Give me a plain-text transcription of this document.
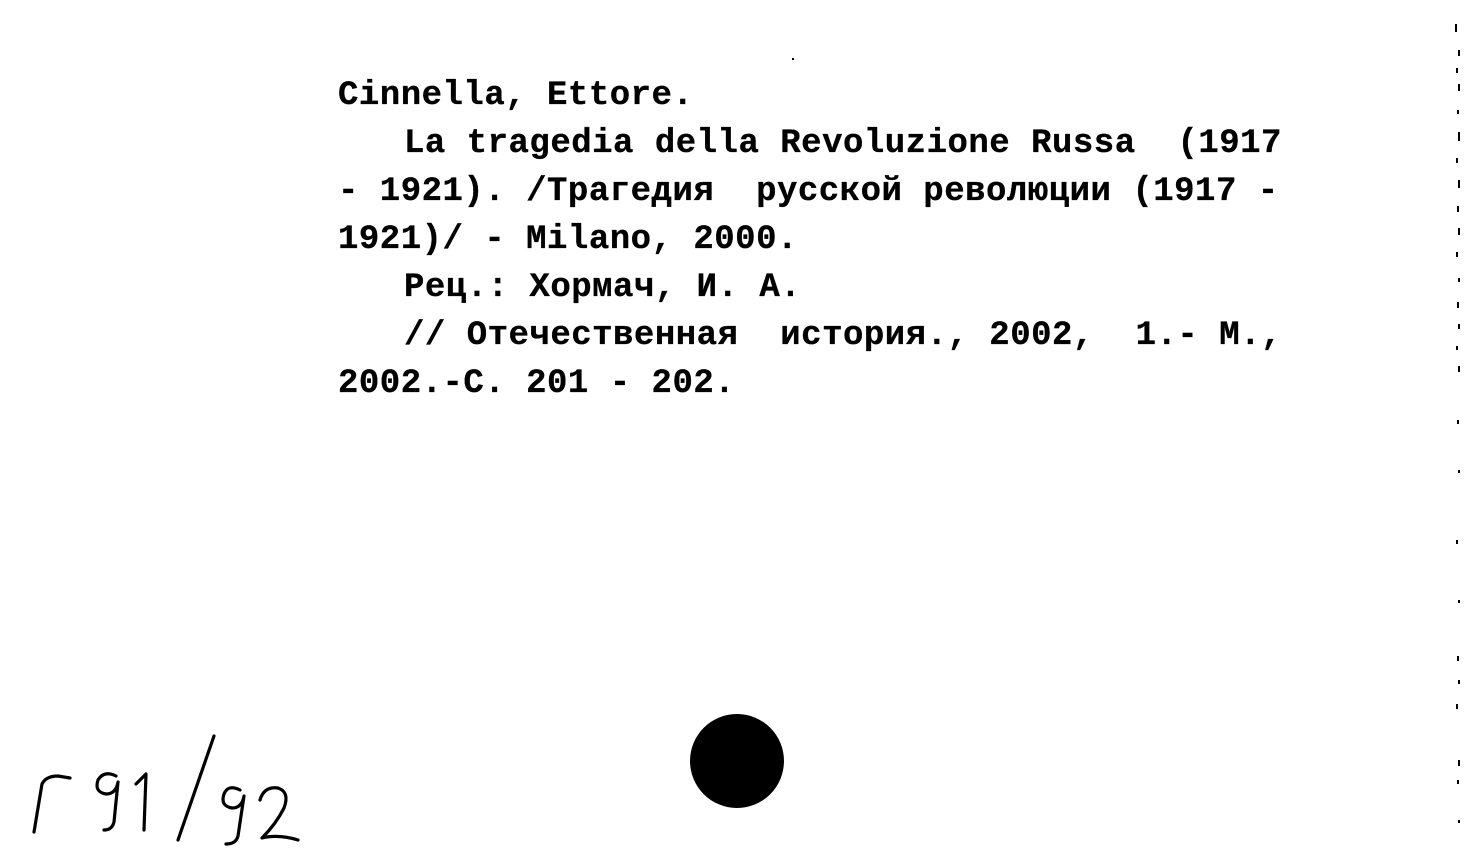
Cinnella, Ettore.
La tragedia della Revoluzione Russa  (1917
- 1921). /Трагедия  русской революции (1917 -
1921)/ - Milano, 2000.
Рец.: Хормач, И. А.
// Отечественная  история., 2002,  1.- М.,
2002.-С. 201 - 202.
